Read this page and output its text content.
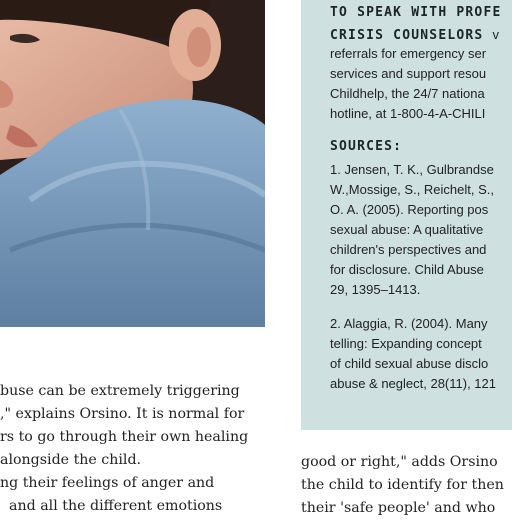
TO SPEAK WITH PROFE
CRISIS COUNSELORS v
referrals for emergency ser
services and support resou
Childhelp, the 24/7 nationa
hotline, at 1-800-4-A-CHILI
SOURCES:
1. Jensen, T. K., Gulbrandse
W.,Mossige, S., Reichelt, S.,
O. A. (2005). Reporting pos
sexual abuse: A qualitative
children's perspectives and
for disclosure. Child Abuse
29, 1395–1413.
2. Alaggia, R. (2004). Many
telling: Expanding concept
of child sexual abuse disclo
abuse & neglect, 28(11), 121
buse can be extremely triggering
," explains Orsino. It is normal for
rs to go through their own healing
alongside the child.
ng their feelings of anger and
and all the different emotions
good or right," adds Orsino
the child to identify for then
their 'safe people' and who
